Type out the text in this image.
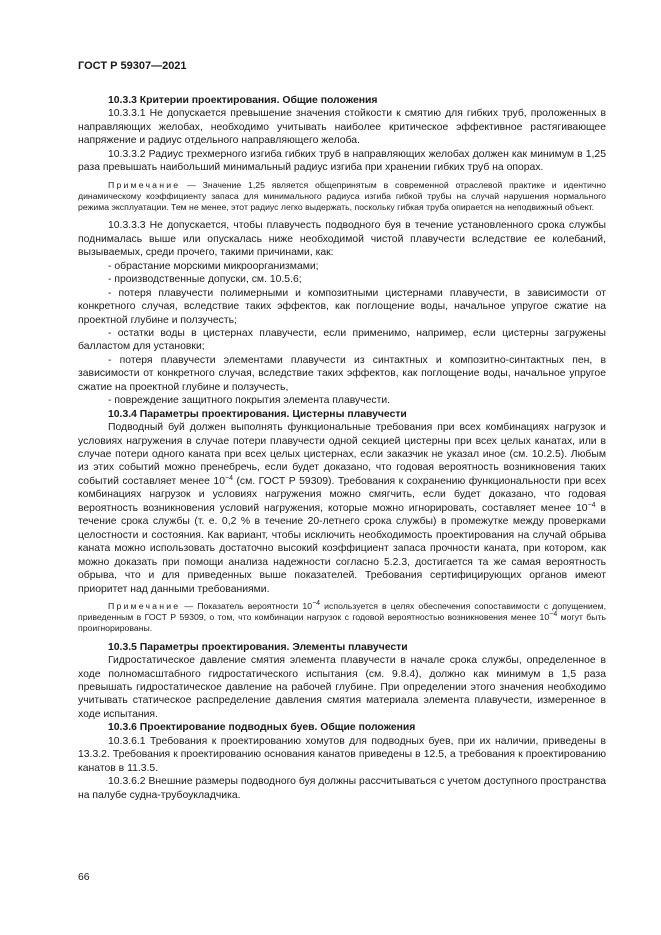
ГОСТ Р 59307—2021

10.3.3 Критерии проектирования. Общие положения

10.3.3.1 Не допускается превышение значения стойкости к смятию для гибких труб, проложенных в направляющих желобах, необходимо учитывать наиболее критическое эффективное растягивающее напряжение и радиус отдельного направляющего желоба.

10.3.3.2 Радиус трехмерного изгиба гибких труб в направляющих желобах должен как минимум в 1,25 раза превышать наибольший минимальный радиус изгиба при хранении гибких труб на опорах.

Примечание — Значение 1,25 является общепринятым в современной отраслевой практике и идентично динамическому коэффициенту запаса для минимального радиуса изгиба гибкой трубы на случай нарушения нормального режима эксплуатации. Тем не менее, этот радиус легко выдержать, поскольку гибкая труба опирается на неподвижный объект.

10.3.3.3 Не допускается, чтобы плавучесть подводного буя в течение установленного срока службы поднималась выше или опускалась ниже необходимой чистой плавучести вследствие ее колебаний, вызываемых, среди прочего, такими причинами, как:

- обрастание морскими микроорганизмами;

- производственные допуски, см. 10.5.6;

- потеря плавучести полимерными и композитными цистернами плавучести, в зависимости от конкретного случая, вследствие таких эффектов, как поглощение воды, начальное упругое сжатие на проектной глубине и ползучесть;

- остатки воды в цистернах плавучести, если применимо, например, если цистерны загружены балластом для установки;

- потеря плавучести элементами плавучести из синтактных и композитно-синтактных пен, в зависимости от конкретного случая, вследствие таких эффектов, как поглощение воды, начальное упругое сжатие на проектной глубине и ползучесть,

- повреждение защитного покрытия элемента плавучести.

10.3.4 Параметры проектирования. Цистерны плавучести

Подводный буй должен выполнять функциональные требования при всех комбинациях нагрузок и условиях нагружения в случае потери плавучести одной секцией цистерны при всех целых канатах, или в случае потери одного каната при всех целых цистернах, если заказчик не указал иное (см. 10.2.5). Любым из этих событий можно пренебречь, если будет доказано, что годовая вероятность возникновения таких событий составляет менее $10^{-4}$ (см. ГОСТ Р 59309). Требования к сохранению функциональности при всех комбинациях нагрузок и условиях нагружения можно смягчить, если будет доказано, что годовая вероятность возникновения условий нагружения, которые можно игнорировать, составляет менее $10^{-4}$ в течение срока службы (т. е. 0,2 % в течение 20-летнего срока службы) в промежутке между проверками целостности и состояния. Как вариант, чтобы исключить необходимость проектирования на случай обрыва каната можно использовать достаточно высокий коэффициент запаса прочности каната, при котором, как можно доказать при помощи анализа надежности согласно 5.2.3, достигается та же самая вероятность обрыва, что и для приведенных выше показателей. Требования сертифицирующих органов имеют приоритет над данными требованиями.

Примечание — Показатель вероятности $10^{-4}$ используется в целях обеспечения сопоставимости с допущением, приведенным в ГОСТ Р 59309, о том, что комбинации нагрузок с годовой вероятностью возникновения менее $10^{-4}$ могут быть проигнорированы.

10.3.5 Параметры проектирования. Элементы плавучести

Гидростатическое давление смятия элемента плавучести в начале срока службы, определенное в ходе полномасштабного гидростатического испытания (см. 9.8.4), должно как минимум в 1,5 раза превышать гидростатическое давление на рабочей глубине. При определении этого значения необходимо учитывать статическое распределение давления смятия материала элемента плавучести, измеренное в ходе испытания.

10.3.6 Проектирование подводных буев. Общие положения

10.3.6.1 Требования к проектированию хомутов для подводных буев, при их наличии, приведены в 13.3.2. Требования к проектированию основания канатов приведены в 12.5, а требования к проектированию канатов в 11.3.5.

10.3.6.2 Внешние размеры подводного буя должны рассчитываться с учетом доступного пространства на палубе судна-трубоукладчика.

66
